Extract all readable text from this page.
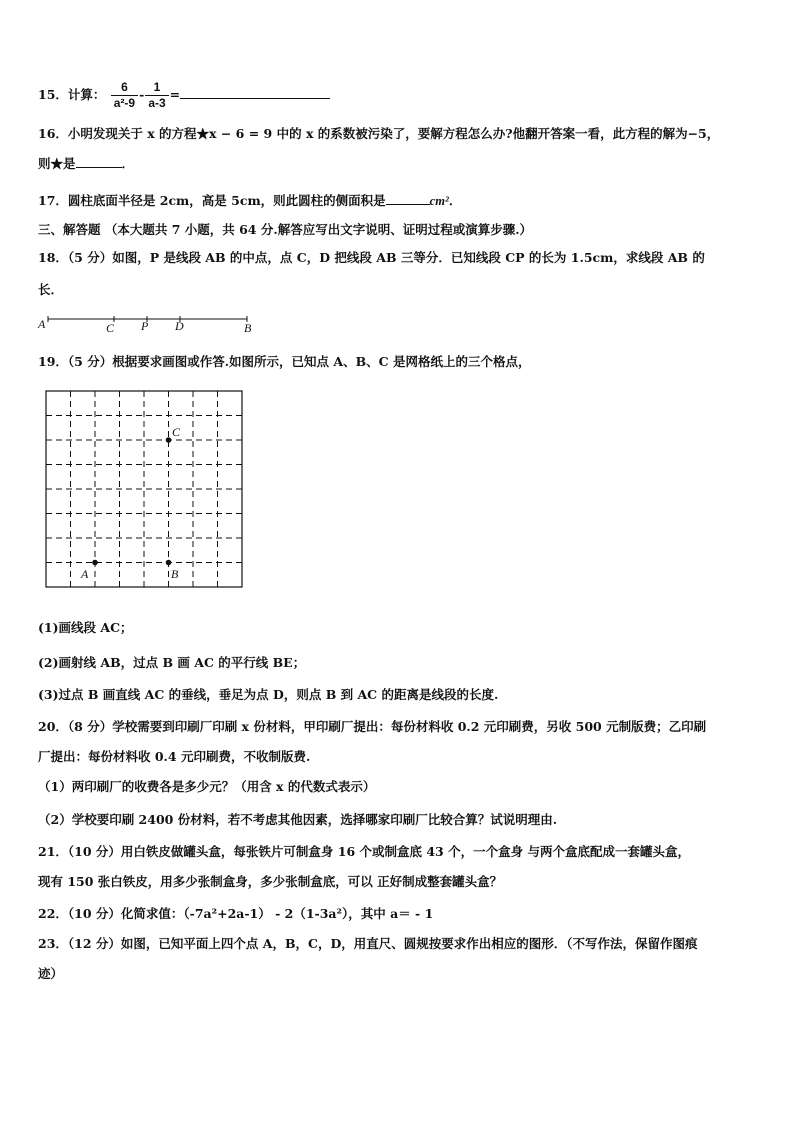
15．计算： $\frac{6}{\text{a²-9}} - \frac{1}{a-3}$ =
16．小明发现关于 x 的方程★x − 6 = 9 中的 x 的系数被污染了，要解方程怎么办?他翻开答案一看，此方程的解为−5，
则★是	．
17．圆柱底面半径是 2cm，高是 5cm，则此圆柱的侧面积是	cm²．
三、解答题 （本大题共 7 小题，共 64 分.解答应写出文字说明、证明过程或演算步骤.）
18．（5 分）如图，P 是线段 AB 的中点，点 C，D 把线段 AB 三等分．已知线段 CP 的长为 1.5cm，求线段 AB 的
长．
A	C P D	B
19．（5 分）根据要求画图或作答.如图所示，已知点 A、B、C 是网格纸上的三个格点，
C
A	B
(1)画线段 AC；
(2)画射线 AB，过点 B 画 AC 的平行线 BE；
(3)过点 B 画直线 AC 的垂线，垂足为点 D，则点 B 到 AC 的距离是线段的长度.
20．（8 分）学校需要到印刷厂印刷 x 份材料，甲印刷厂提出：每份材料收 0.2 元印刷费，另收 500 元制版费；乙印刷
厂提出：每份材料收 0.4 元印刷费，不收制版费.
（1）两印刷厂的收费各是多少元？（用含 x 的代数式表示）
（2）学校要印刷 2400 份材料，若不考虑其他因素，选择哪家印刷厂比较合算？试说明理由.
21．（10 分）用白铁皮做罐头盒，每张铁片可制盒身 16 个或制盒底 43 个，一个盒身 与两个盒底配成一套罐头盒，
现有 150 张白铁皮，用多少张制盒身，多少张制盒底，可以 正好制成整套罐头盒？
22．（10 分）化简求值：（-7a²+2a-1） - 2（1-3a²），其中 a＝ - 1
23．（12 分）如图，已知平面上四个点 A，B，C，D，用直尺、圆规按要求作出相应的图形．（不写作法，保留作图痕
迹）
